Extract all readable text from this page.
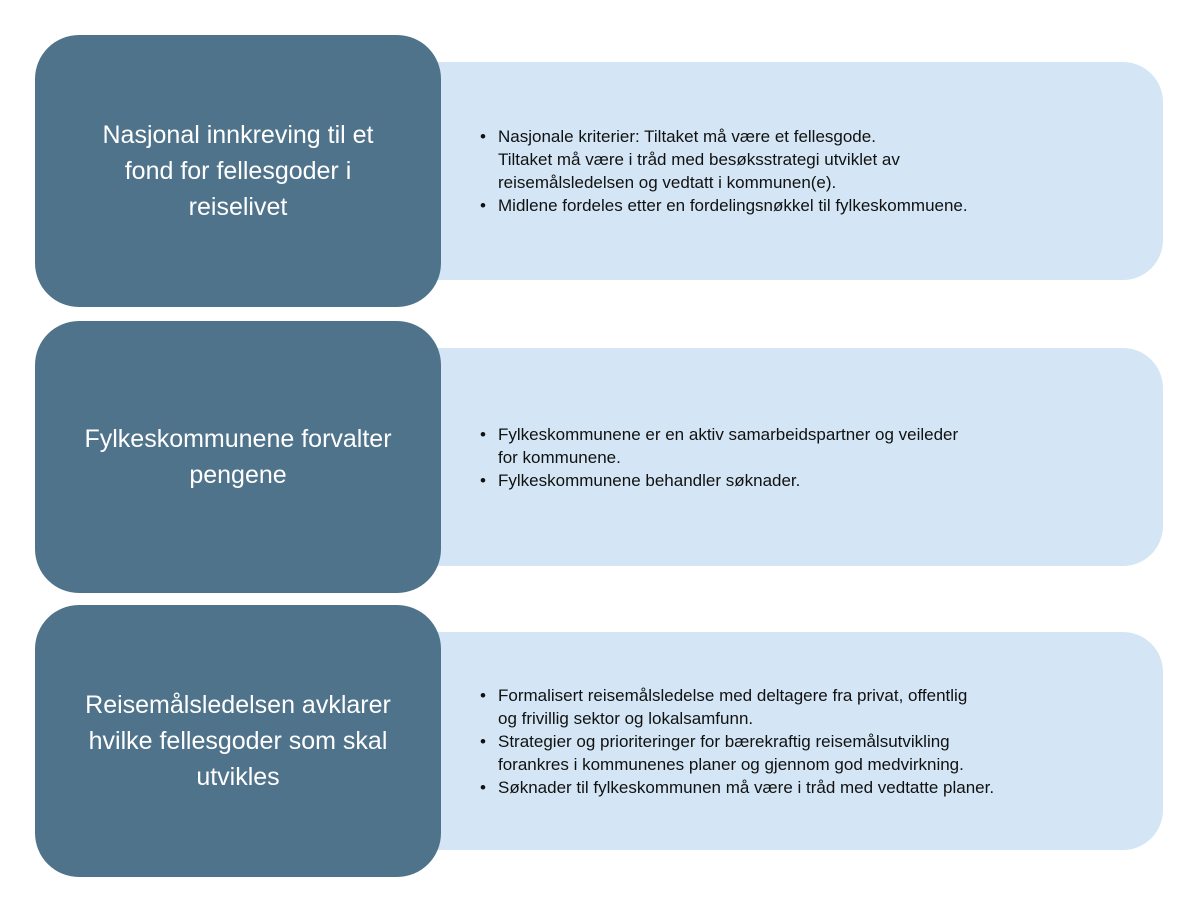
• Nasjonale kriterier: Tiltaket må være et fellesgode.
Tiltaket må være i tråd med besøksstrategi utviklet av
reisemålsledelsen og vedtatt i kommunen(e).
• Midlene fordeles etter en fordelingsnøkkel til fylkeskommuene.
Nasjonal innkreving til et fond for fellesgoder i reiselivet
• Fylkeskommunene er en aktiv samarbeidspartner og veileder
for kommunene.
• Fylkeskommunene behandler søknader.
Fylkeskommunene forvalter pengene
• Formalisert reisemålsledelse med deltagere fra privat, offentlig
og frivillig sektor og lokalsamfunn.
• Strategier og prioriteringer for bærekraftig reisemålsutvikling
forankres i kommunenes planer og gjennom god medvirkning.
• Søknader til fylkeskommunen må være i tråd med vedtatte planer.
Reisemålsledelsen avklarer hvilke fellesgoder som skal utvikles
